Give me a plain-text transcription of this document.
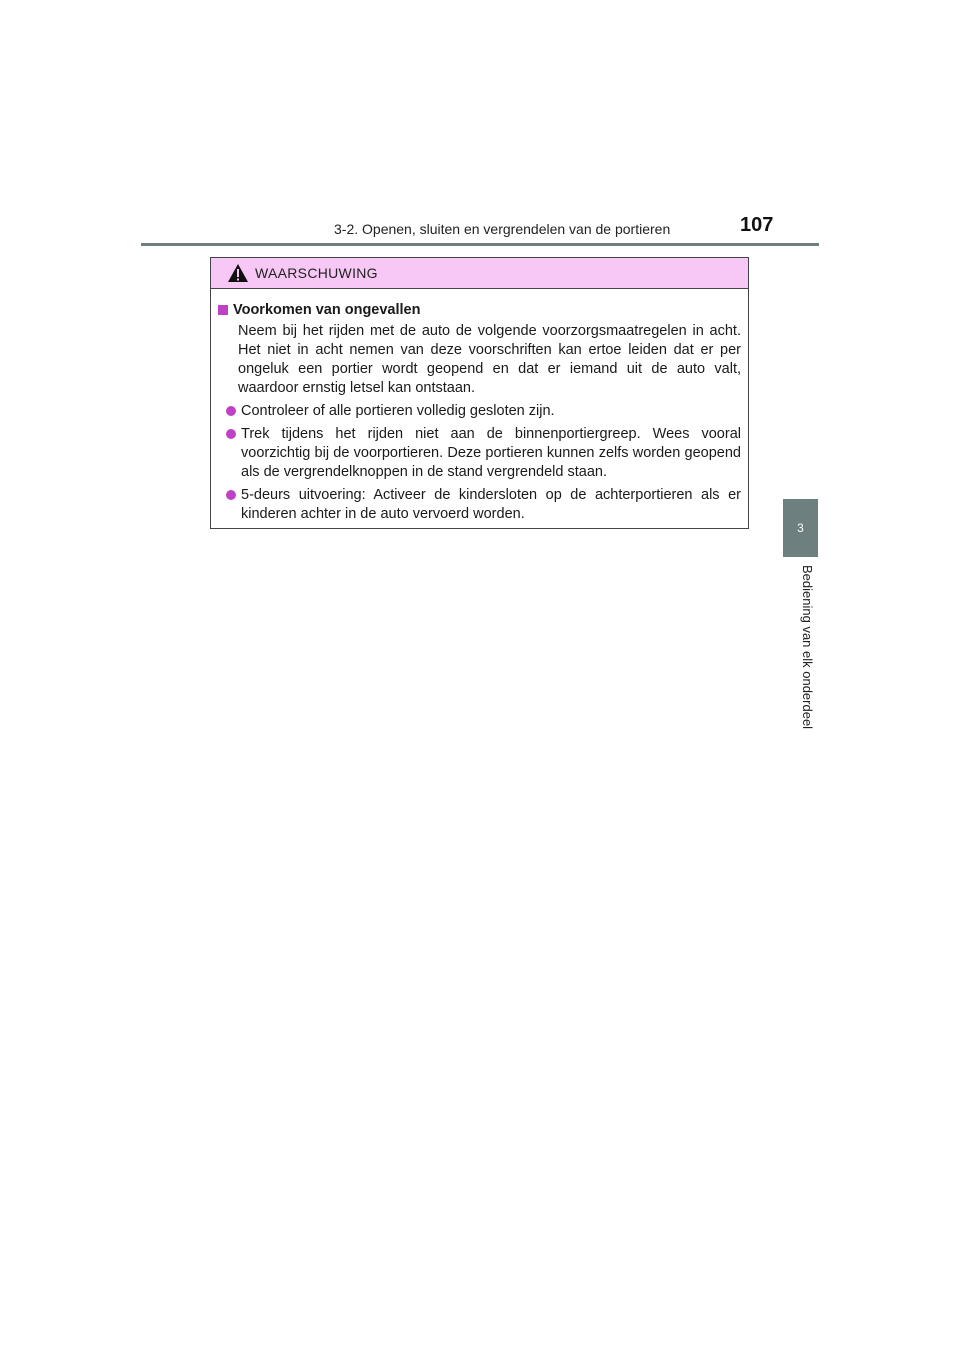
3-2. Openen, sluiten en vergrendelen van de portieren	107
3
Bediening van elk onderdeel
WAARSCHUWING
Voorkomen van ongevallen
Neem bij het rijden met de auto de volgende voorzorgsmaatregelen in acht. Het niet in acht nemen van deze voorschriften kan ertoe leiden dat er per ongeluk een portier wordt geopend en dat er iemand uit de auto valt, waardoor ernstig letsel kan ontstaan.
Controleer of alle portieren volledig gesloten zijn.
Trek tijdens het rijden niet aan de binnenportiergreep. Wees vooral voorzichtig bij de voorportieren. Deze portieren kunnen zelfs worden geopend als de vergrendelknoppen in de stand vergrendeld staan.
5-deurs uitvoering: Activeer de kindersloten op de achterportieren als er kinderen achter in de auto vervoerd worden.
